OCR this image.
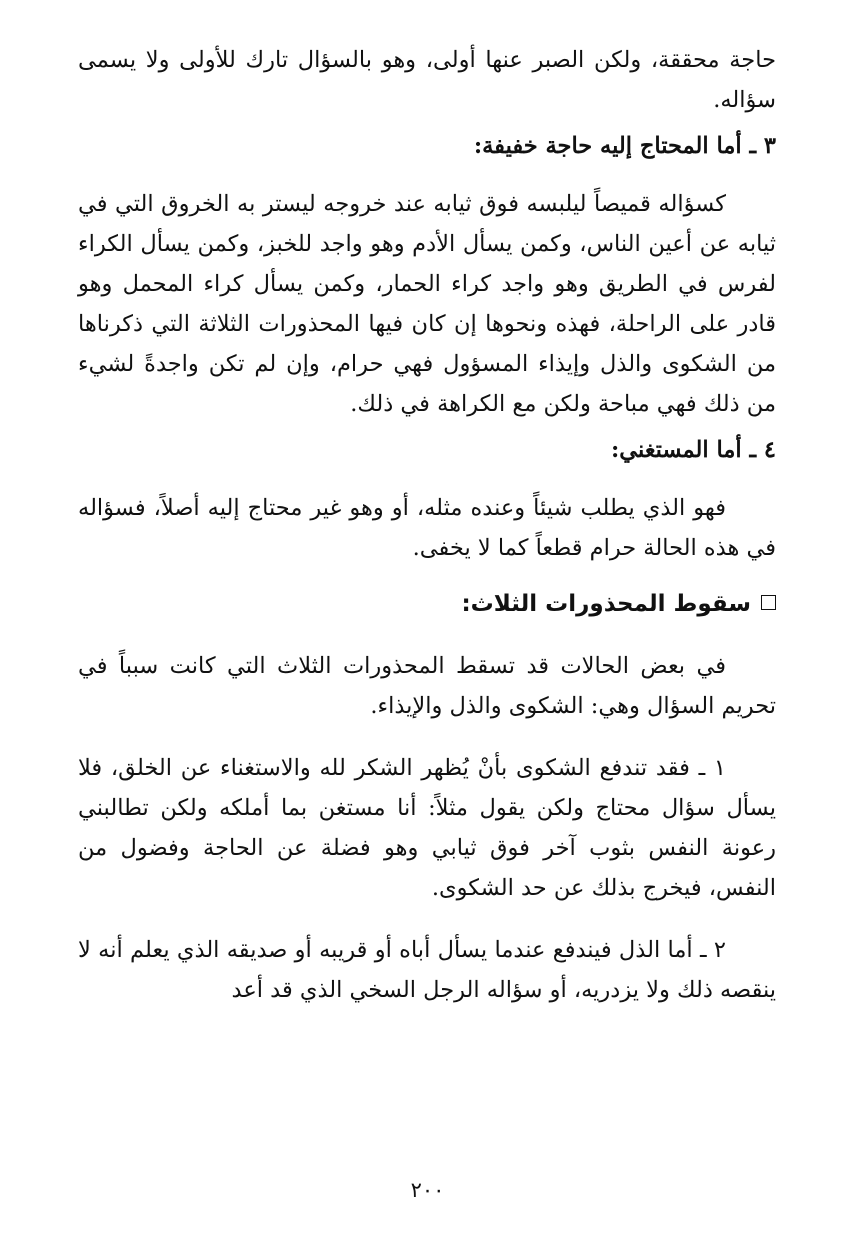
حاجة محققة، ولكن الصبر عنها أولى، وهو بالسؤال تارك للأولى ولا يسمى سؤاله.

٣ ـ أما المحتاج إليه حاجة خفيفة:

كسؤاله قميصاً ليلبسه فوق ثيابه عند خروجه ليستر به الخروق التي في ثيابه عن أعين الناس، وكمن يسأل الأدم وهو واجد للخبز، وكمن يسأل الكراء لفرس في الطريق وهو واجد كراء الحمار، وكمن يسأل كراء المحمل وهو قادر على الراحلة، فهذه ونحوها إن كان فيها المحذورات الثلاثة التي ذكرناها من الشكوى والذل وإيذاء المسؤول فهي حرام، وإن لم تكن واجدةً لشيء من ذلك فهي مباحة ولكن مع الكراهة في ذلك.

٤ ـ أما المستغني:

فهو الذي يطلب شيئاً وعنده مثله، أو وهو غير محتاج إليه أصلاً، فسؤاله في هذه الحالة حرام قطعاً كما لا يخفى.

سقوط المحذورات الثلاث:

في بعض الحالات قد تسقط المحذورات الثلاث التي كانت سبباً في تحريم السؤال وهي: الشكوى والذل والإيذاء.

١ ـ فقد تندفع الشكوى بأنْ يُظهر الشكر لله والاستغناء عن الخلق، فلا يسأل سؤال محتاج ولكن يقول مثلاً: أنا مستغن بما أملكه ولكن تطالبني رعونة النفس بثوب آخر فوق ثيابي وهو فضلة عن الحاجة وفضول من النفس، فيخرج بذلك عن حد الشكوى.

٢ ـ أما الذل فيندفع عندما يسأل أباه أو قريبه أو صديقه الذي يعلم أنه لا ينقصه ذلك ولا يزدريه، أو سؤاله الرجل السخي الذي قد أعد

٢٠٠
